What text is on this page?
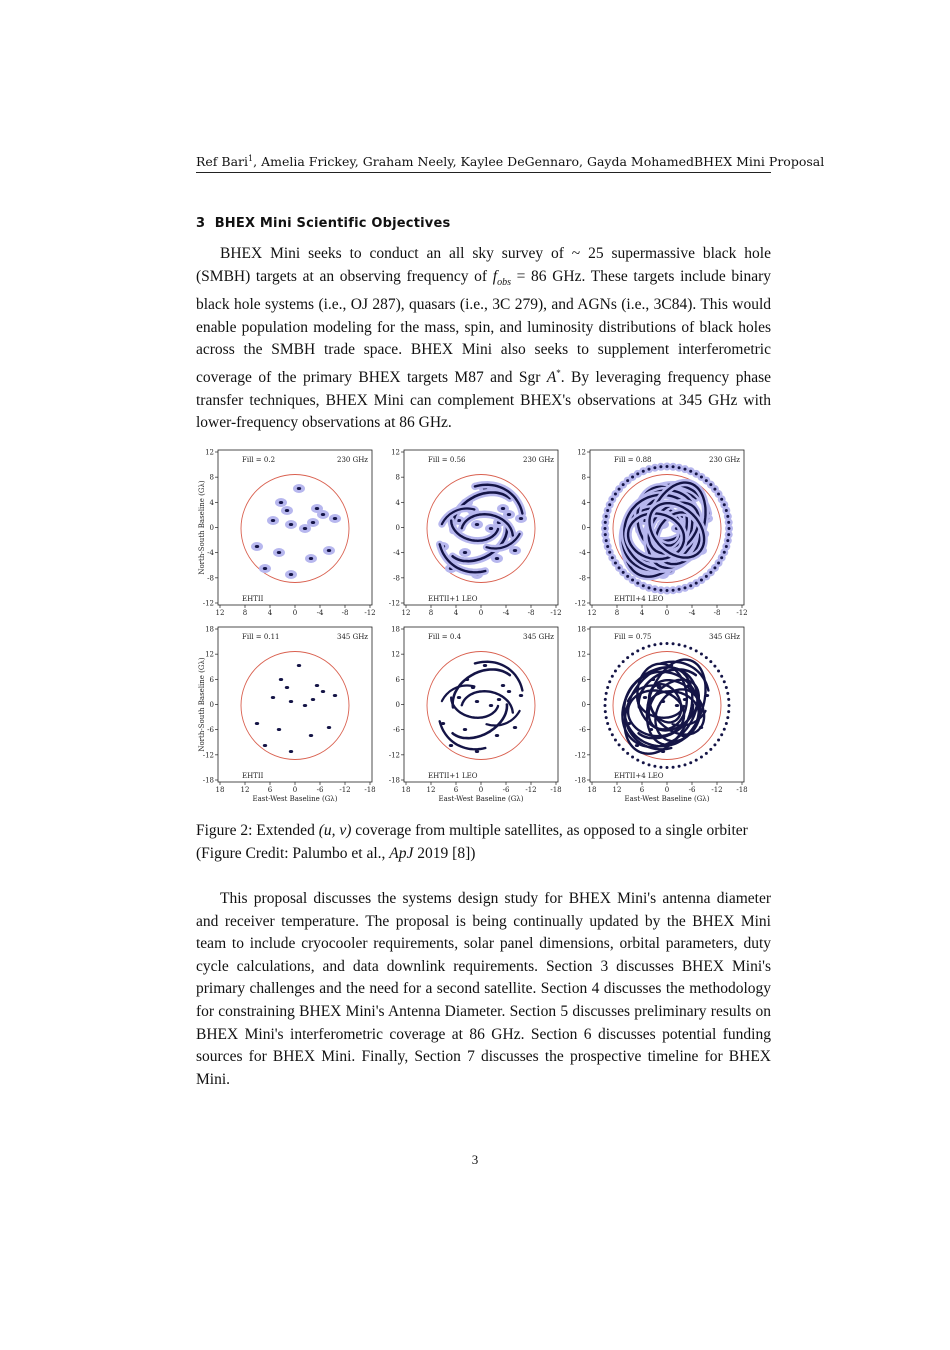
Ref Bari$^1$, Amelia Frickey, Graham Neely, Kaylee DeGennaro, Gayda Mohamed BHEX Mini Proposal
3 BHEX Mini Scientific Objectives

BHEX Mini seeks to conduct an all sky survey of ~ 25 supermassive black hole (SMBH) targets at an observing frequency of $f_{obs} = 86$ GHz. These targets include binary black hole systems (i.e., OJ 287), quasars (i.e., 3C 279), and AGNs (i.e., 3C84). This would enable population modeling for the mass, spin, and luminosity distributions of black holes across the SMBH trade space. BHEX Mini also seeks to supplement interferometric coverage of the primary BHEX targets M87 and Sgr A*. By leveraging frequency phase transfer techniques, BHEX Mini can complement BHEX's observations at 345 GHz with lower-frequency observations at 86 GHz.

Fill = 0.2	230 GHz
EHTII
12
12
8
8
4
4
0
0
-4
-4
-8
-8
-12
-12
North-South Baseline (Gλ)
Fill = 0.56	230 GHz
EHTII+1 LEO
12
12
8
8
4
4
0
0
-4
-4
-8
-8
-12
-12
Fill = 0.88	230 GHz
EHTII+4 LEO
12
12
8
8
4
4
0
0
-4
-4
-8
-8
-12
-12
Fill = 0.11	345 GHz
EHTII
18
18
12
12
6
6
0
0
-6
-6
-12
-12
-18
-18
North-South Baseline (Gλ)
East-West Baseline (Gλ)
Fill = 0.4	345 GHz
EHTII+1 LEO
18
18
12
12
6
6
0
0
-6
-6
-12
-12
-18
-18
East-West Baseline (Gλ)
Fill = 0.75	345 GHz
EHTII+4 LEO
18
18
12
12
6
6
0
0
-6
-6
-12
-12
-18
-18
East-West Baseline (Gλ)
Figure 2: Extended (u, v) coverage from multiple satellites, as opposed to a single orbiter (Figure Credit: Palumbo et al., ApJ 2019 [8])

This proposal discusses the systems design study for BHEX Mini's antenna diameter and receiver temperature. The proposal is being continually updated by the BHEX Mini team to include cryocooler requirements, solar panel dimensions, orbital parameters, duty cycle calculations, and data downlink requirements. Section 3 discusses BHEX Mini's primary challenges and the need for a second satellite. Section 4 discusses the methodology for constraining BHEX Mini's Antenna Diameter. Section 5 discusses preliminary results on BHEX Mini's interferometric coverage at 86 GHz. Section 6 discusses potential funding sources for BHEX Mini. Finally, Section 7 discusses the prospective timeline for BHEX Mini.

3
